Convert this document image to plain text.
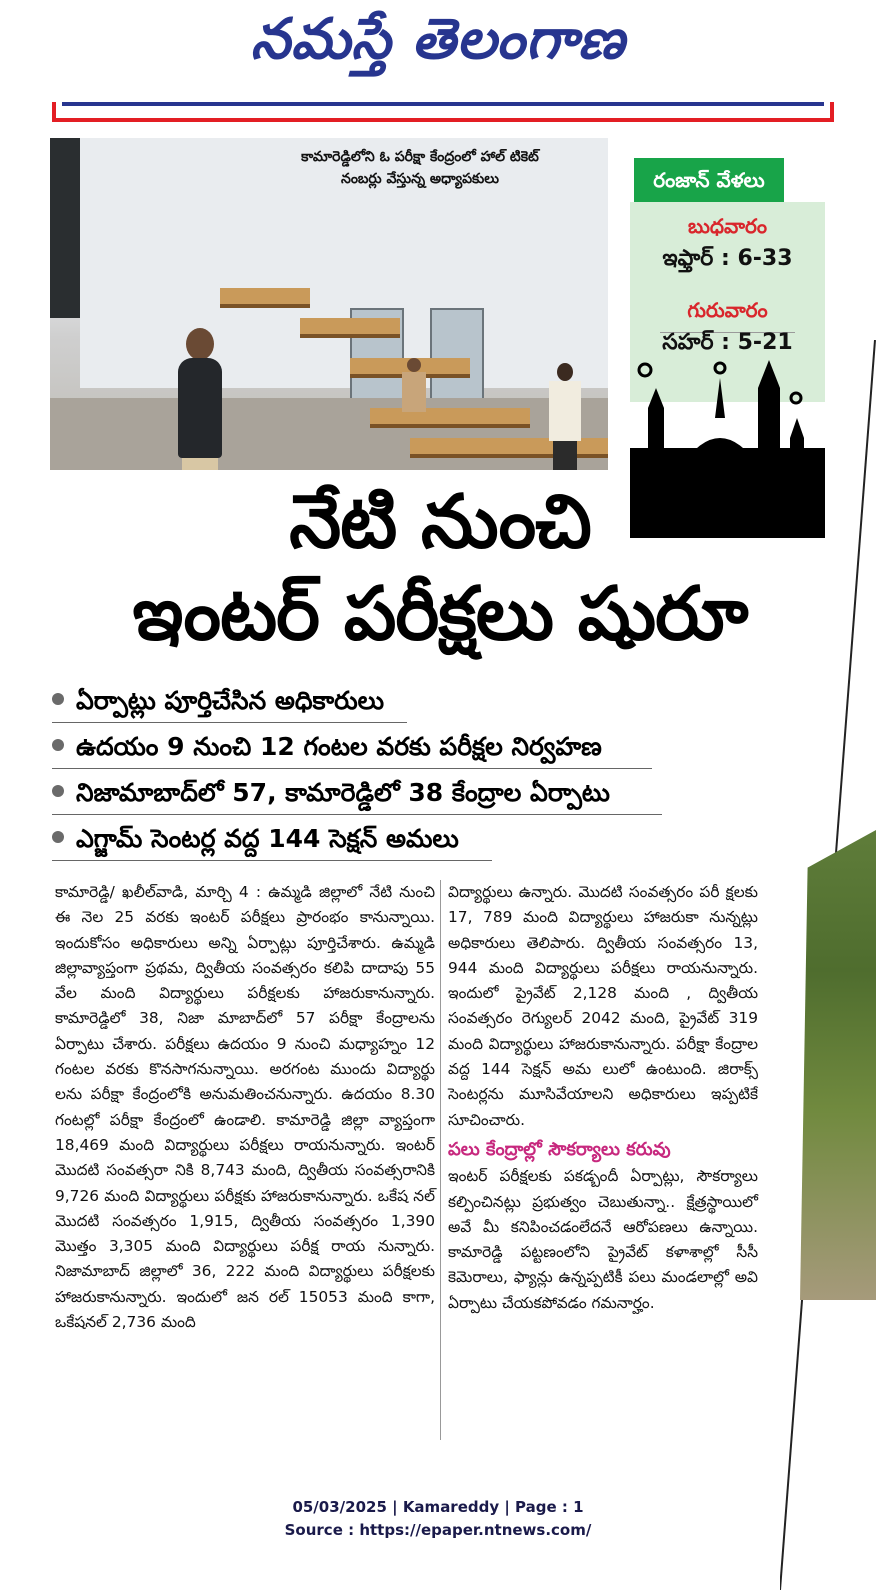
నమస్తే తెలంగాణ
కామారెడ్డిలోని ఓ పరీక్షా కేంద్రంలో హాల్ టికెట్
నంబర్లు వేస్తున్న అధ్యాపకులు	రంజాన్ వేళలు
బుధవారం
ఇఫ్తార్ : 6-33
గురువారం
సహర్ : 5-21
నేటి నుంచి
ఇంటర్ పరీక్షలు షురూ
ఏర్పాట్లు పూర్తిచేసిన అధికారులు
ఉదయం 9 నుంచి 12 గంటల వరకు పరీక్షల నిర్వహణ
నిజామాబాద్‌లో 57, కామారెడ్డిలో 38 కేంద్రాల ఏర్పాటు
ఎగ్జామ్ సెంటర్ల వద్ద 144 సెక్షన్ అమలు

కామారెడ్డి/ ఖలీల్‌వాడి, మార్చి 4 : ఉమ్మడి జిల్లాలో నేటి నుంచి ఈ నెల 25 వరకు ఇంటర్ పరీక్షలు ప్రారంభం కానున్నాయి. ఇందుకోసం అధికారులు అన్ని ఏర్పాట్లు పూర్తిచేశారు. ఉమ్మడి జిల్లావ్యాప్తంగా ప్రథమ, ద్వితీయ సంవత్సరం కలిపి దాదాపు 55 వేల మంది విద్యార్థులు పరీక్షలకు హాజరుకానున్నారు. కామారెడ్డిలో 38, నిజా మాబాద్‌లో 57 పరీక్షా కేంద్రాలను ఏర్పాటు చేశారు. పరీక్షలు ఉదయం 9 నుంచి మధ్యాహ్నం 12 గంటల వరకు కొనసాగనున్నాయి. అరగంట ముందు విద్యార్థు లను పరీక్షా కేంద్రంలోకి అనుమతించనున్నారు. ఉదయం 8.30 గంటల్లో పరీక్షా కేంద్రంలో ఉండాలి. కామారెడ్డి జిల్లా వ్యాప్తంగా 18,469 మంది విద్యార్థులు పరీక్షలు రాయనున్నారు. ఇంటర్ మొదటి సంవత్సరా నికి 8,743 మంది, ద్వితీయ సంవత్సరానికి 9,726 మంది విద్యార్థులు పరీక్షకు హాజరుకానున్నారు. ఒకేష నల్ మొదటి సంవత్సరం 1,915, ద్వితీయ సంవత్సరం 1,390 మొత్తం 3,305 మంది విద్యార్థులు పరీక్ష రాయ నున్నారు. నిజామాబాద్ జిల్లాలో 36, 222 మంది విద్యార్థులు పరీక్షలకు హాజరుకానున్నారు. ఇందులో జన రల్ 15053 మంది కాగా, ఒకేషనల్ 2,736 మంది

విద్యార్థులు ఉన్నారు. మొదటి సంవత్సరం పరీ క్షలకు 17, 789 మంది విద్యార్థులు హాజరుకా నున్నట్లు అధికారులు తెలిపారు. ద్వితీయ సంవత్సరం 13, 944 మంది విద్యార్థులు పరీక్షలు రాయనున్నారు. ఇందులో ప్రైవేట్ 2,128 మంది , ద్వితీయ సంవత్సరం రెగ్యులర్ 2042 మంది, ప్రైవేట్ 319 మంది విద్యార్థులు హాజరుకానున్నారు. పరీక్షా కేంద్రాల వద్ద 144 సెక్షన్ అమ లులో ఉంటుంది. జిరాక్స్ సెంటర్లను మూసివేయాలని అధికారులు ఇప్పటికే సూచించారు.

పలు కేంద్రాల్లో సౌకర్యాలు కరువు

ఇంటర్ పరీక్షలకు పకడ్బందీ ఏర్పాట్లు, సౌకర్యాలు కల్పించినట్లు ప్రభుత్వం చెబుతున్నా.. క్షేత్రస్థాయిలో అవే మీ కనిపించడంలేదనే ఆరోపణలు ఉన్నాయి. కామారెడ్డి పట్టణంలోని ప్రైవేట్ కళాశాల్లో సీసీ కెమెరాలు, ఫ్యాన్లు ఉన్నప్పటికీ పలు మండలాల్లో అవి ఏర్పాటు చేయకపోవడం గమనార్హం.

05/03/2025 | Kamareddy | Page : 1
Source : https://epaper.ntnews.com/
